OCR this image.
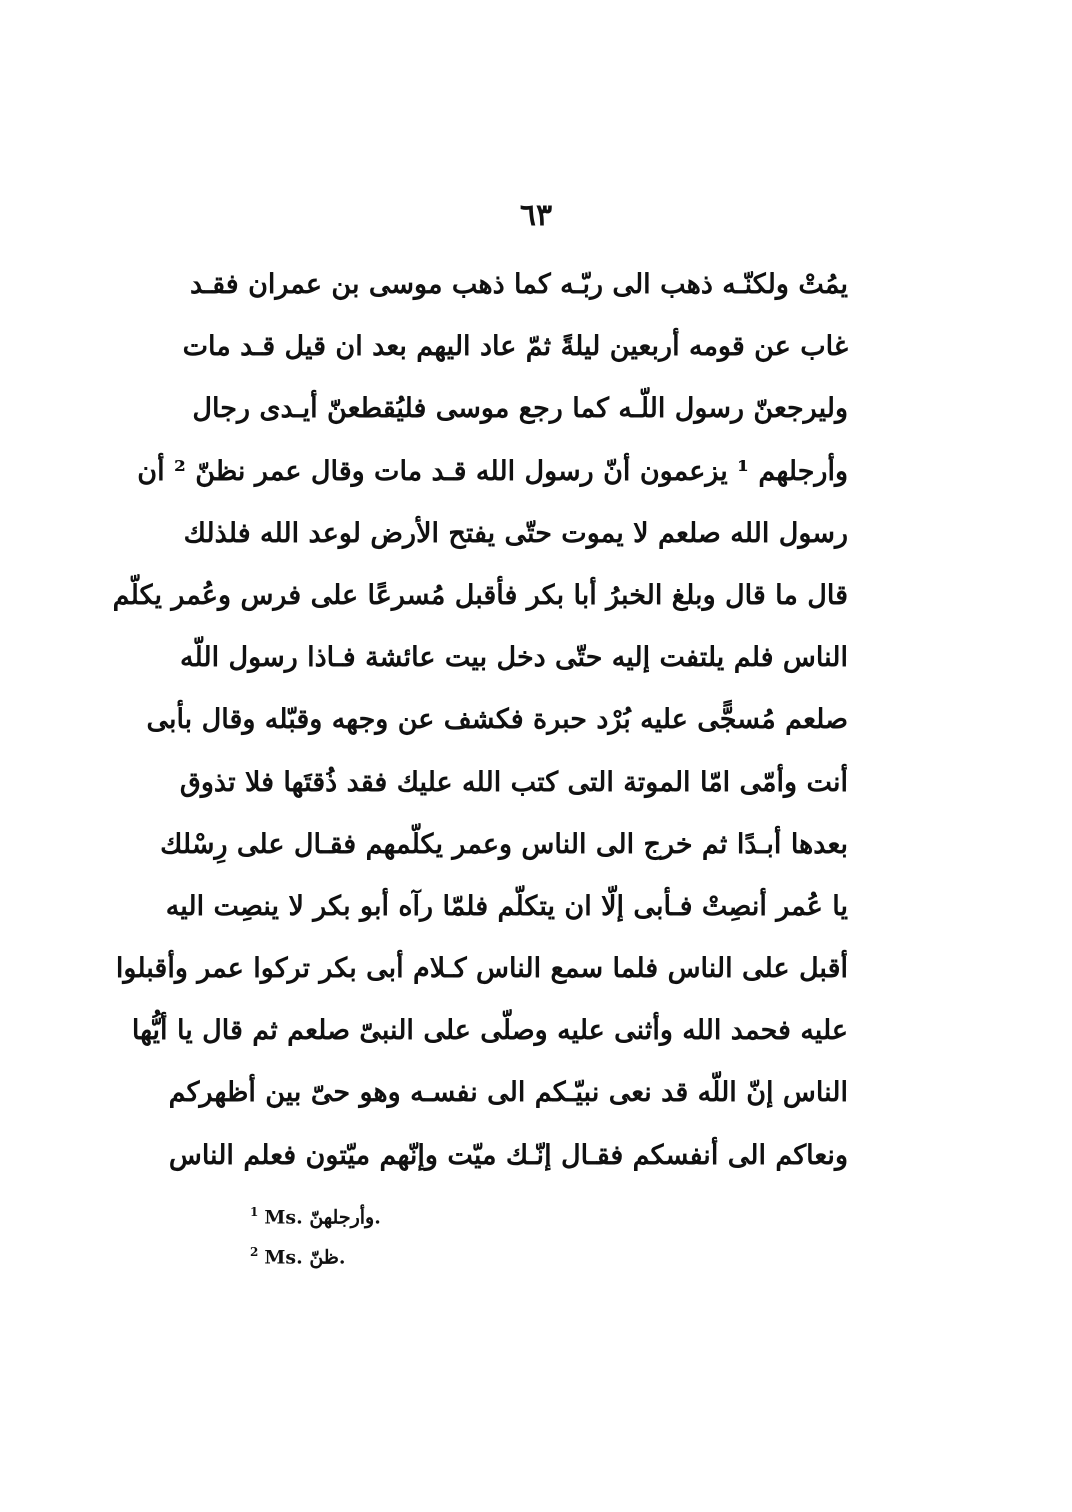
٦٣
يمُتْ ولكنّـه ذهب الى ربّـه كما ذهب موسى بن عمران فقـد
غاب عن قومه أربعين ليلةً ثمّ عاد اليهم بعد ان قيل قـد مات
وليرجعنّ رسول اللّـه كما رجع موسى فليُقطعنّ أيـدى رجال
وأرجلهم ¹ يزعمون أنّ رسول الله قـد مات وقال عمر نظنّ ² أن
رسول الله صلعم لا يموت حتّى يفتح الأرض لوعد الله فلذلك
قال ما قال وبلغ الخبرُ أبا بكر فأقبل مُسرعًا على فرس وعُمر يكلّم
الناس فلم يلتفت إليه حتّى دخل بيت عائشة فـاذا رسول اللّه
صلعم مُسجًّى عليه بُرْد حبرة فكشف عن وجهه وقبّله وقال بأبى
أنت وأمّى امّا الموتة التى كتب الله عليك فقد ذُقتَها فلا تذوق
بعدها أبـدًا ثم خرج الى الناس وعمر يكلّمهم فقـال على رِسْلك
يا عُمر أنصِتْ فـأبى إلّا ان يتكلّم فلمّا رآه أبو بكر لا ينصِت اليه
أقبل على الناس فلما سمع الناس كـلام أبى بكر تركوا عمر وأقبلوا
عليه فحمد الله وأثنى عليه وصلّى على النبىّ صلعم ثم قال يا أيُّها
الناس إنّ اللّه قد نعى نبيّـكم الى نفسـه وهو حىّ بين أظهركم
ونعاكم الى أنفسكم فقـال إنّـك ميّت وإنّهم ميّتون فعلم الناس
$^1$ Ms. وأرجلهنّ.
$^2$ Ms. ظنّ.
